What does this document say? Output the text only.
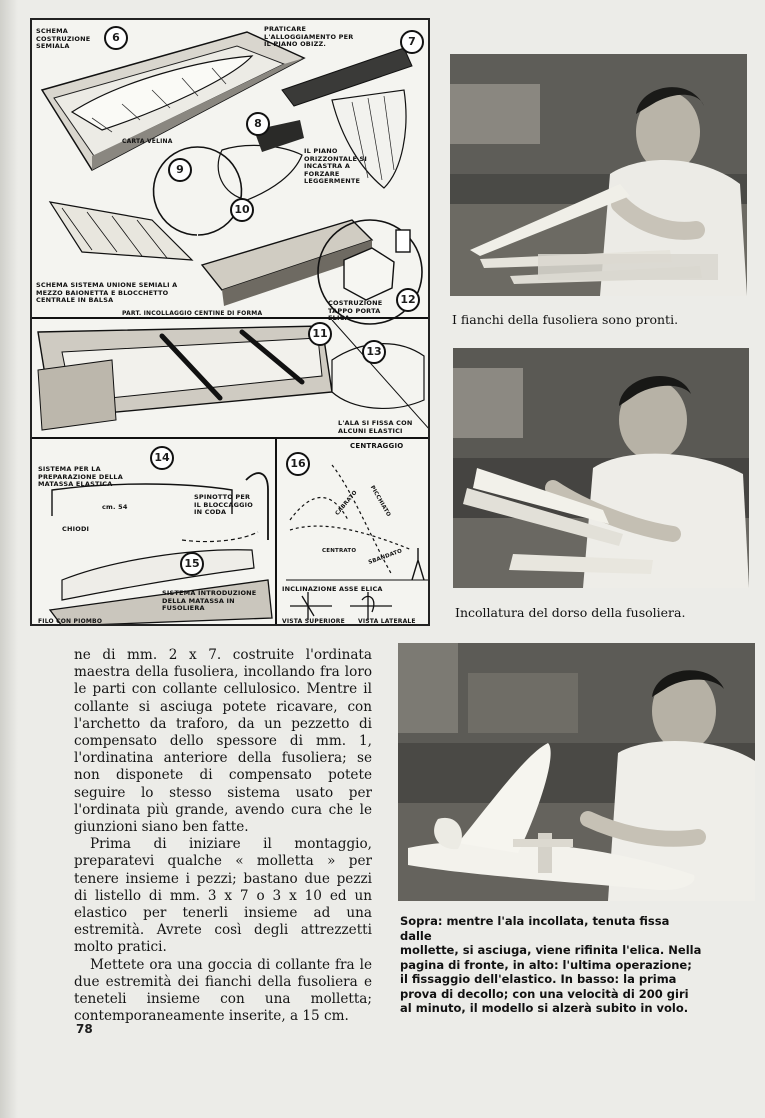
SCHEMA COSTRUZIONE SEMIALA
6
PRATICARE L'ALLOGGIAMENTO PER IL PIANO OBIZZ.	7
CARTA VELINA
8
IL PIANO ORIZZONTALE SI INCASTRA A FORZARE LEGGERMENTE
9
10
SCHEMA SISTEMA UNIONE SEMIALI A MEZZO BAIONETTA E BLOCCHETTO CENTRALE IN BALSA
PART. INCOLLAGGIO CENTINE DI FORMA
COSTRUZIONE TAPPO PORTA ELICA
12
11
13
L'ALA SI FISSA CON ALCUNI ELASTICI
CENTRAGGIO
14	16
SISTEMA PER LA PREPARAZIONE DELLA MATASSA ELASTICA
SPINOTTO PER IL BLOCCAGGIO IN CODA
cm. 54
CHIODI
15
CABRATO PICCHIATO
CENTRATO SBANDATO
INCLINAZIONE ASSE ELICA
SISTEMA INTRODUZIONE DELLA MATASSA IN FUSOLIERA
FILO CON PIOMBO	VISTA SUPERIORE VISTA LATERALE
I fianchi della fusoliera sono pronti.
Incollatura del dorso della fusoliera.
Sopra: mentre l'ala incollata, tenuta fissa dalle
mollette, si asciuga, viene rifinita l'elica. Nella
pagina di fronte, in alto: l'ultima operazione;
il fissaggio dell'elastico. In basso: la prima
prova di decollo; con una velocità di 200 giri
al minuto, il modello si alzerà subito in volo.

ne di mm. 2 x 7. costruite l'ordinata maestra della fusoliera, incollando fra loro le parti con collante cellulosico. Mentre il collante si asciuga potete ricavare, con l'archetto da traforo, da un pezzetto di compensato dello spessore di mm. 1, l'ordinatina anteriore della fusoliera; se non disponete di compensato potete seguire lo stesso sistema usato per l'ordinata più grande, avendo cura che le giunzioni siano ben fatte.

Prima di iniziare il montaggio, preparatevi qualche « molletta » per tenere insieme i pezzi; bastano due pezzi di listello di mm. 3 x 7 o 3 x 10 ed un elastico per tenerli insieme ad una estremità. Avrete così degli attrezzetti molto pratici.

Mettete ora una goccia di collante fra le due estremità dei fianchi della fusoliera e teneteli insieme con una molletta; contemporaneamente inserite, a 15 cm.

78
